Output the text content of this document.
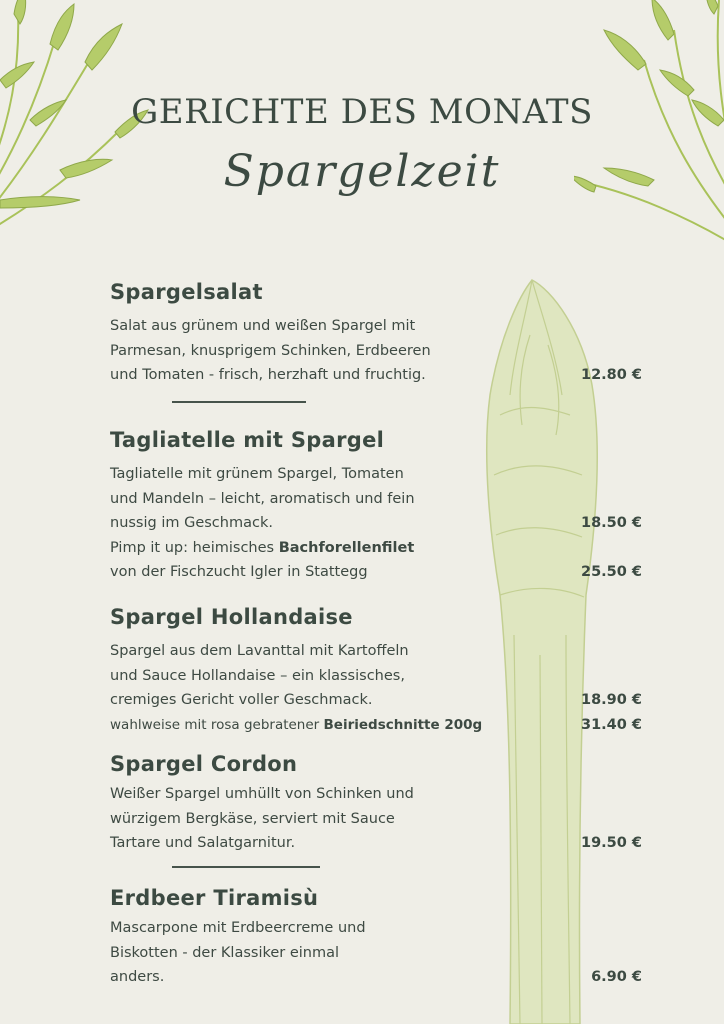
GERICHTE DES MONATS
Spargelzeit
Spargelsalat
Salat aus grünem und weißen Spargel mit
Parmesan, knusprigem Schinken, Erdbeeren
und Tomaten - frisch, herzhaft und fruchtig.	12.80 €
Tagliatelle mit Spargel
Tagliatelle mit grünem Spargel, Tomaten
und Mandeln – leicht, aromatisch und fein
nussig im Geschmack.	18.50 €
Pimp it up: heimisches Bachforellenfilet
von der Fischzucht Igler in Stattegg	25.50 €
Spargel Hollandaise
Spargel aus dem Lavanttal mit Kartoffeln
und Sauce Hollandaise – ein klassisches,
cremiges Gericht voller Geschmack.	18.90 €
wahlweise mit rosa gebratener Beiriedschnitte 200g	31.40 €
Spargel Cordon
Weißer Spargel umhüllt von Schinken und
würzigem Bergkäse, serviert mit Sauce
Tartare und Salatgarnitur.	19.50 €
Erdbeer Tiramisù
Mascarpone mit Erdbeercreme und
Biskotten - der Klassiker einmal
anders.	6.90 €
